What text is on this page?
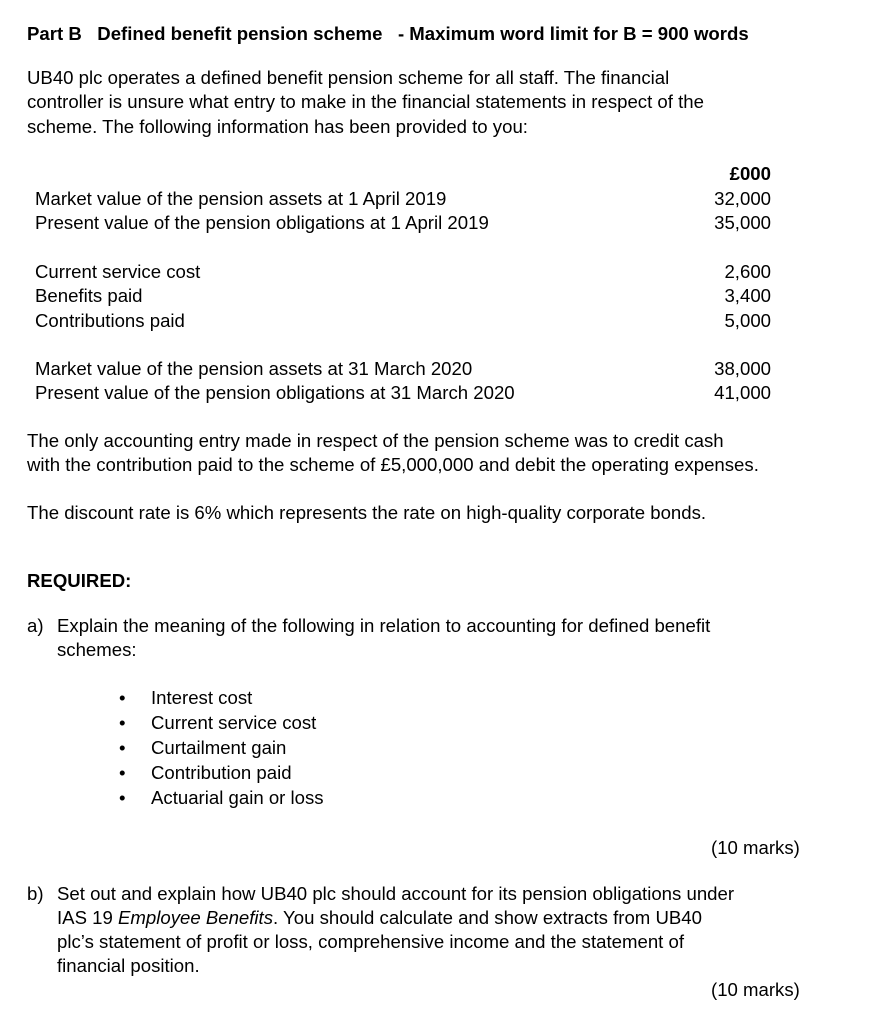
Part B Defined benefit pension scheme - Maximum word limit for B = 900 words
UB40 plc operates a defined benefit pension scheme for all staff. The financial
controller is unsure what entry to make in the financial statements in respect of the
scheme. The following information has been provided to you:
£000
Market value of the pension assets at 1 April 2019	32,000
Present value of the pension obligations at 1 April 2019	35,000
Current service cost	2,600
Benefits paid	3,400
Contributions paid	5,000
Market value of the pension assets at 31 March 2020	38,000
Present value of the pension obligations at 31 March 2020	41,000
The only accounting entry made in respect of the pension scheme was to credit cash
with the contribution paid to the scheme of £5,000,000 and debit the operating expenses.
The discount rate is 6% which represents the rate on high-quality corporate bonds.
REQUIRED:
a) Explain the meaning of the following in relation to accounting for defined benefit
schemes:
• Interest cost
• Current service cost
• Curtailment gain
• Contribution paid
• Actuarial gain or loss
(10 marks)
b) Set out and explain how UB40 plc should account for its pension obligations under
IAS 19 Employee Benefits. You should calculate and show extracts from UB40
plc’s statement of profit or loss, comprehensive income and the statement of
financial position.
(10 marks)
